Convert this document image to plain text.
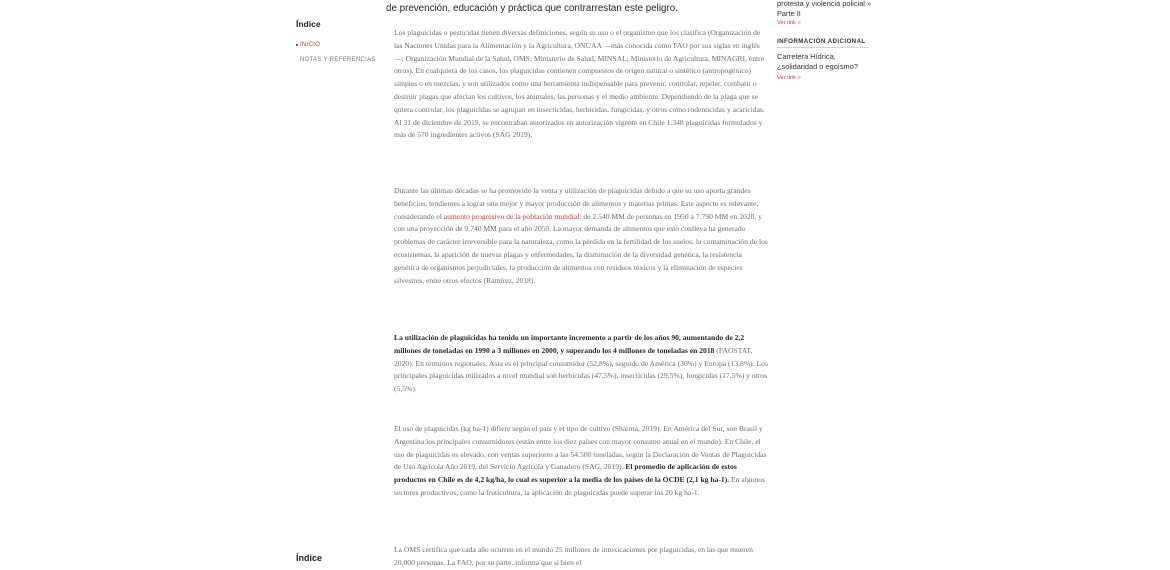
Índice
INICIO
NOTAS Y REFERENCIAS
de prevención, educación y práctica que contrarrestan este peligro.

Los plaguicidas o pesticidas tienen diversas definiciones, según su uso o el organismo que los clasifica (Organización de las Naciones Unidas para la Alimentación y la Agricultura, ONUAA —más conocida como FAO por sus siglas en inglés—; Organización Mundial de la Salud, OMS; Ministerio de Salud, MINSAL; Ministerio de Agricultura, MINAGRI, entre otros). En cualquiera de los casos, los plaguicidas contienen compuestos de origen natural o sintético (antropogénico) simples o en mezclas, y son utilizados como una herramienta indispensable para prevenir, controlar, repeler, combatir o destruir plagas que afectan los cultivos, los animales, las personas y el medio ambiente. Dependiendo de la plaga que se quiera controlar, los plaguicidas se agrupan en insecticidas, herbicidas, fungicidas, y otros como rodenticidas y acaricidas. Al 31 de diciembre de 2019, se encontraban autorizados en autorización vigente en Chile 1.348 plaguicidas formulados y más de 570 ingredientes activos (SAG 2019).

Durante las últimas décadas se ha promovido la venta y utilización de plaguicidas debido a que su uso aporta grandes beneficios, tendientes a lograr una mejor y mayor producción de alimentos y materias primas. Este aspecto es relevante, considerando el aumento progresivo de la población mundial: de 2.540 MM de personas en 1950 a 7.790 MM en 2020, y con una proyección de 9.740 MM para el año 2050. La mayor demanda de alimentos que esto conlleva ha generado problemas de carácter irreversible para la naturaleza, como la pérdida en la fertilidad de los suelos, la contaminación de los ecosistemas, la aparición de nuevas plagas y enfermedades, la disminución de la diversidad genética, la resistencia genética de organismos perjudiciales, la producción de alimentos con residuos tóxicos y la eliminación de especies silvestres, entre otros efectos (Ramírez, 2018).

La utilización de plaguicidas ha tenido un importante incremento a partir de los años 90, aumentando de 2,2 millones de toneladas en 1990 a 3 millones en 2000, y superando los 4 millones de toneladas en 2018 (FAOSTAT, 2020). En términos regionales, Asia es el principal consumidor (52,8%), seguido de América (30%) y Europa (13,8%). Los principales plaguicidas utilizados a nivel mundial son herbicidas (47,5%), insecticidas (29,5%), fungicidas (17,5%) y otros (5,5%).

El uso de plaguicidas (kg ha-1) difiere según el país y el tipo de cultivo (Sharma, 2019). En América del Sur, son Brasil y Argentina los principales consumidores (están entre los diez países con mayor consumo anual en el mundo). En Chile, el uso de plaguicidas es elevado, con ventas superiores a las 54.500 toneladas, según la Declaración de Ventas de Plaguicidas de Uso Agrícola Año 2019, del Servicio Agrícola y Ganadero (SAG, 2019). El promedio de aplicación de estos productos en Chile es de 4,2 kg/ha, lo cual es superior a la media de los países de la OCDE (2,1 kg ha-1). En algunos sectores productivos, como la fruticultura, la aplicación de plaguicidas puede superar los 20 kg ha-1.

La OMS certifica que cada año ocurren en el mundo 25 millones de intoxicaciones por plaguicidas, en las que mueren 20.000 personas. La FAO, por su parte, informa que si bien el

protesta y violencia policial » Parte II
Ver link »
INFORMACIÓN ADICIONAL
Carretera Hídrica, ¿solidaridad o egoísmo?
Ver link »
Índice
